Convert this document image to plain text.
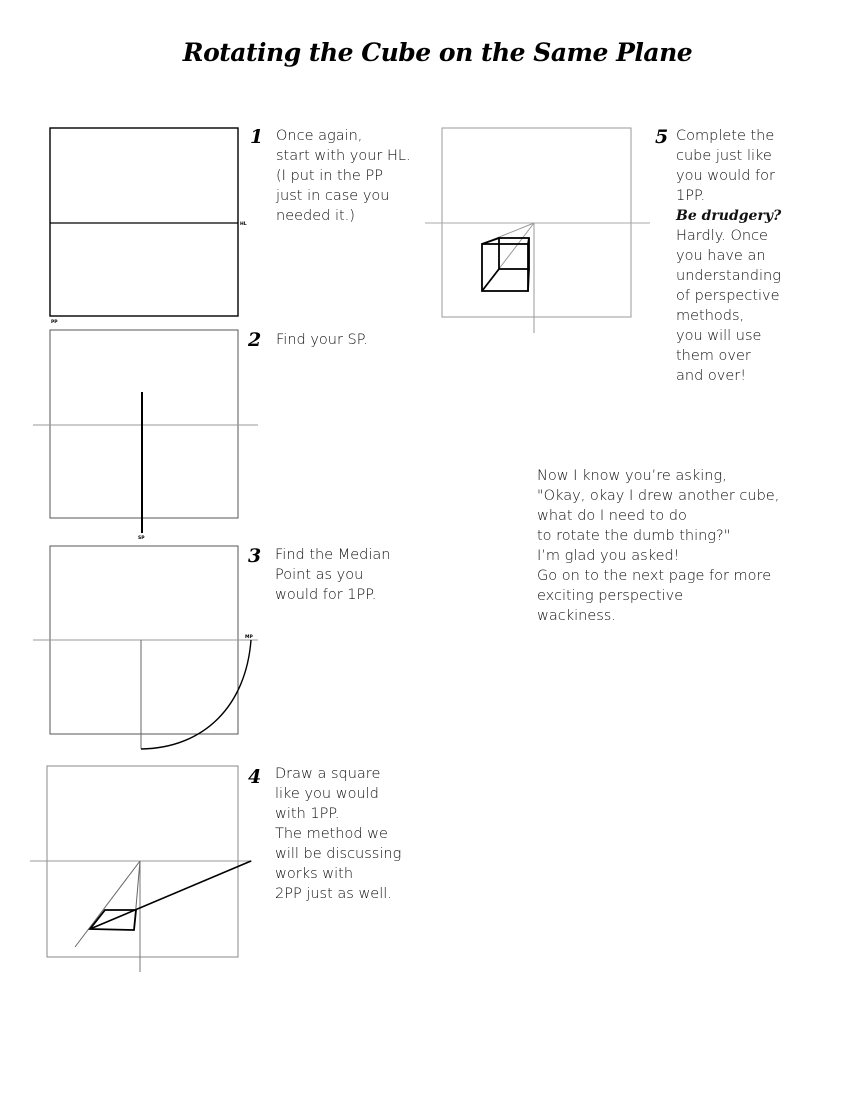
Rotating the Cube on the Same Plane
HL
PP
SP
MP
1
2
3
4
5
Once again,
start with your HL.
(I put in the PP
just in case you
needed it.)
Find your SP.
Find the Median
Point as you
would for 1PP.
Draw a square
like you would
with 1PP.
The method we
will be discussing
works with
2PP just as well.
Complete the
cube just like
you would for
1PP.
Be drudgery?
Hardly. Once
you have an
understanding
of perspective
methods,
you will use
them over
and over!
Now I know you’re asking,
"Okay, okay I drew another cube,
what do I need to do
to rotate the dumb thing?"
I’m glad you asked!
Go on to the next page for more
exciting perspective
wackiness.
